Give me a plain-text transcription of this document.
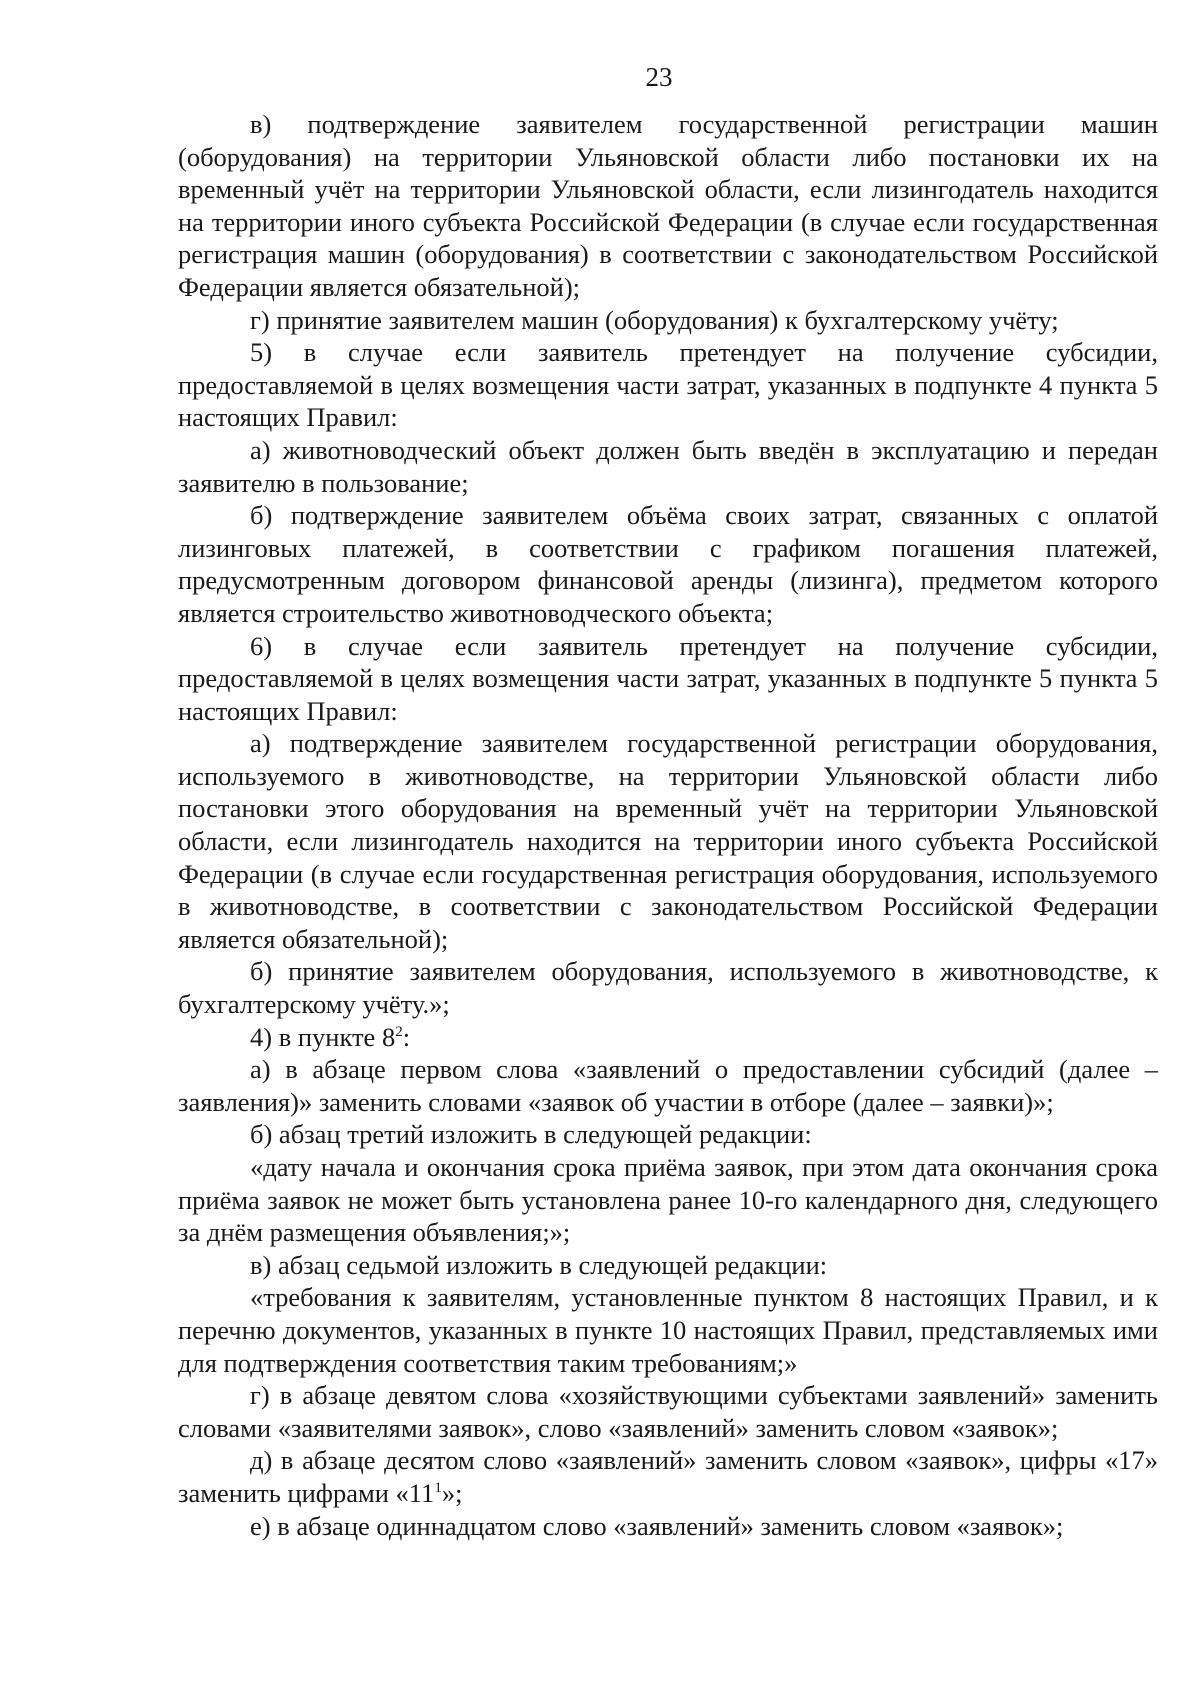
23

в) подтверждение заявителем государственной регистрации машин (оборудования) на территории Ульяновской области либо постановки их на временный учёт на территории Ульяновской области, если лизингодатель находится на территории иного субъекта Российской Федерации (в случае если государственная регистрация машин (оборудования) в соответствии с законодательством Российской Федерации является обязательной);

г) принятие заявителем машин (оборудования) к бухгалтерскому учёту;

5) в случае если заявитель претендует на получение субсидии, предоставляемой в целях возмещения части затрат, указанных в подпункте 4 пункта 5 настоящих Правил:

а) животноводческий объект должен быть введён в эксплуатацию и передан заявителю в пользование;

б) подтверждение заявителем объёма своих затрат, связанных с оплатой лизинговых платежей, в соответствии с графиком погашения платежей, предусмотренным договором финансовой аренды (лизинга), предметом которого является строительство животноводческого объекта;

6) в случае если заявитель претендует на получение субсидии, предоставляемой в целях возмещения части затрат, указанных в подпункте 5 пункта 5 настоящих Правил:

а) подтверждение заявителем государственной регистрации оборудования, используемого в животноводстве, на территории Ульяновской области либо постановки этого оборудования на временный учёт на территории Ульяновской области, если лизингодатель находится на территории иного субъекта Российской Федерации (в случае если государственная регистрация оборудования, используемого в животноводстве, в соответствии с законодательством Российской Федерации является обязательной);

б) принятие заявителем оборудования, используемого в животноводстве, к бухгалтерскому учёту.»;

4) в пункте $8^2$:

а) в абзаце первом слова «заявлений о предоставлении субсидий (далее – заявления)» заменить словами «заявок об участии в отборе (далее – заявки)»;

б) абзац третий изложить в следующей редакции:

«дату начала и окончания срока приёма заявок, при этом дата окончания срока приёма заявок не может быть установлена ранее 10-го календарного дня, следующего за днём размещения объявления;»;

в) абзац седьмой изложить в следующей редакции:

«требования к заявителям, установленные пунктом 8 настоящих Правил, и к перечню документов, указанных в пункте 10 настоящих Правил, представляемых ими для подтверждения соответствия таким требованиям;»

г) в абзаце девятом слова «хозяйствующими субъектами заявлений» заменить словами «заявителями заявок», слово «заявлений» заменить словом «заявок»;

д) в абзаце десятом слово «заявлений» заменить словом «заявок», цифры «17» заменить цифрами «$11^1$»;

е) в абзаце одиннадцатом слово «заявлений» заменить словом «заявок»;
